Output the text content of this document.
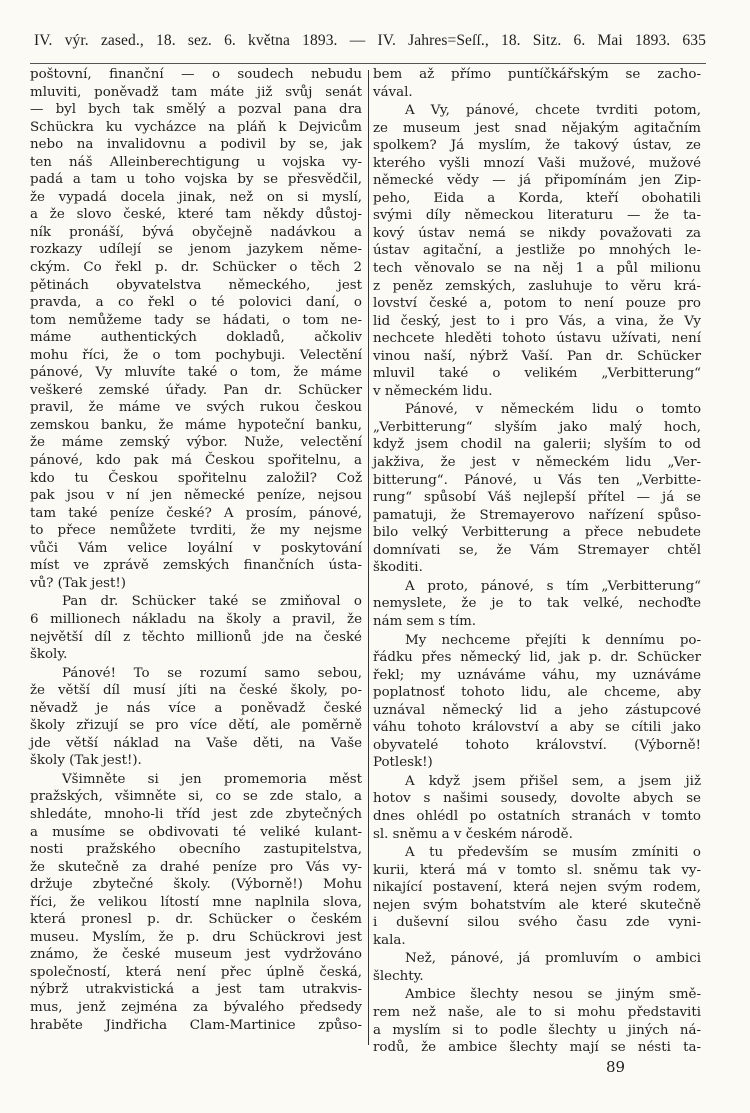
IV. výr. zased., 18. sez. 6. května 1893. — IV. Jahres=Seſſ., 18. Sitz. 6. Mai 1893. 635
poštovní, finanční — o soudech nebudu
mluviti, poněvadž tam máte již svůj senát
— byl bych tak smělý a pozval pana dra
Schückra ku vycházce na pláň k Dejvicům
nebo na invalidovnu a podivil by se, jak
ten náš Alleinberechtigung u vojska vy-
padá a tam u toho vojska by se přesvědčil,
že vypadá docela jinak, než on si myslí,
a že slovo české, které tam někdy důstoj-
ník pronáší, bývá obyčejně nadávkou a
rozkazy udílejí se jenom jazykem něme-
ckým. Co řekl p. dr. Schücker o těch 2
pětinách obyvatelstva německého, jest
pravda, a co řekl o té polovici daní, o
tom nemůžeme tady se hádati, o tom ne-
máme authentických dokladů, ačkoliv
mohu říci, že o tom pochybuji. Velectění
pánové, Vy mluvíte také o tom, že máme
veškeré zemské úřady. Pan dr. Schücker
pravil, že máme ve svých rukou českou
zemskou banku, že máme hypoteční banku,
že máme zemský výbor. Nuže, velectění
pánové, kdo pak má Českou spořitelnu, a
kdo tu Českou spořitelnu založil? Což
pak jsou v ní jen německé peníze, nejsou
tam také peníze české? A prosím, pánové,
to přece nemůžete tvrditi, že my nejsme
vůči Vám velice loyální v poskytování
míst ve zprávě zemských finančních ústa-
vů? (Tak jest!)
Pan dr. Schücker také se zmiňoval o
6 millionech nákladu na školy a pravil, že
největší díl z těchto millionů jde na české
školy.
Pánové! To se rozumí samo sebou,
že větší díl musí jíti na české školy, po-
něvadž je nás více a poněvadž české
školy zřizují se pro více dětí, ale poměrně
jde větší náklad na Vaše děti, na Vaše
školy (Tak jest!).
Všimněte si jen promemoria měst
pražských, všimněte si, co se zde stalo, a
shledáte, mnoho-li tříd jest zde zbytečných
a musíme se obdivovati té veliké kulant-
nosti pražského obecního zastupitelstva,
že skutečně za drahé peníze pro Vás vy-
držuje zbytečné školy. (Výborně!) Mohu
říci, že velikou lítostí mne naplnila slova,
která pronesl p. dr. Schücker o českém
museu. Myslím, že p. dru Schückrovi jest
známo, že české museum jest vydržováno
společností, která není přec úplně česká,
nýbrž utrakvistická a jest tam utrakvis-
mus, jenž zejména za bývalého předsedy
hraběte Jindřicha Clam-Martinice způso-
bem až přímo puntíčkářským se zacho-
vával.
A Vy, pánové, chcete tvrditi potom,
ze museum jest snad nějakým agitačním
spolkem? Já myslím, že takový ústav, ze
kterého vyšli mnozí Vaši mužové, mužové
německé vědy — já připomínám jen Zip-
peho, Eida a Korda, kteří obohatili
svými díly německou literaturu — že ta-
kový ústav nemá se nikdy považovati za
ústav agitační, a jestliže po mnohých le-
tech věnovalo se na něj 1 a půl milionu
z peněz zemských, zasluhuje to věru krá-
lovství české a, potom to není pouze pro
lid český, jest to i pro Vás, a vina, že Vy
nechcete hleděti tohoto ústavu užívati, není
vinou naší, nýbrž Vaší. Pan dr. Schücker
mluvil také o velikém „Verbitterung“
v německém lidu.
Pánové, v německém lidu o tomto
„Verbitterung“ slyším jako malý hoch,
když jsem chodil na galerii; slyším to od
jakživa, že jest v německém lidu „Ver-
bitterung“. Pánové, u Vás ten „Verbitte-
rung“ spůsobí Váš nejlepší přítel — já se
pamatuji, že Stremayerovo nařízení spůso-
bilo velký Verbitterung a přece nebudete
domnívati se, že Vám Stremayer chtěl
škoditi.
A proto, pánové, s tím „Verbitterung“
nemyslete, že je to tak velké, nechoďte
nám sem s tím.
My nechceme přejíti k dennímu po-
řádku přes německý lid, jak p. dr. Schücker
řekl; my uznáváme váhu, my uznáváme
poplatnosť tohoto lidu, ale chceme, aby
uznával německý lid a jeho zástupcové
váhu tohoto království a aby se cítili jako
obyvatelé tohoto království. (Výborně!
Potlesk!)
A když jsem přišel sem, a jsem již
hotov s našimi sousedy, dovolte abych se
dnes ohlédl po ostatních stranách v tomto
sl. sněmu a v českém národě.
A tu především se musím zmíniti o
kurii, která má v tomto sl. sněmu tak vy-
nikající postavení, která nejen svým rodem,
nejen svým bohatstvím ale které skutečně
i duševní silou svého času zde vyni-
kala.
Než, pánové, já promluvím o ambici
šlechty.
Ambice šlechty nesou se jiným smě-
rem než naše, ale to si mohu představiti
a myslím si to podle šlechty u jiných ná-
rodů, že ambice šlechty mají se nésti ta-
89
